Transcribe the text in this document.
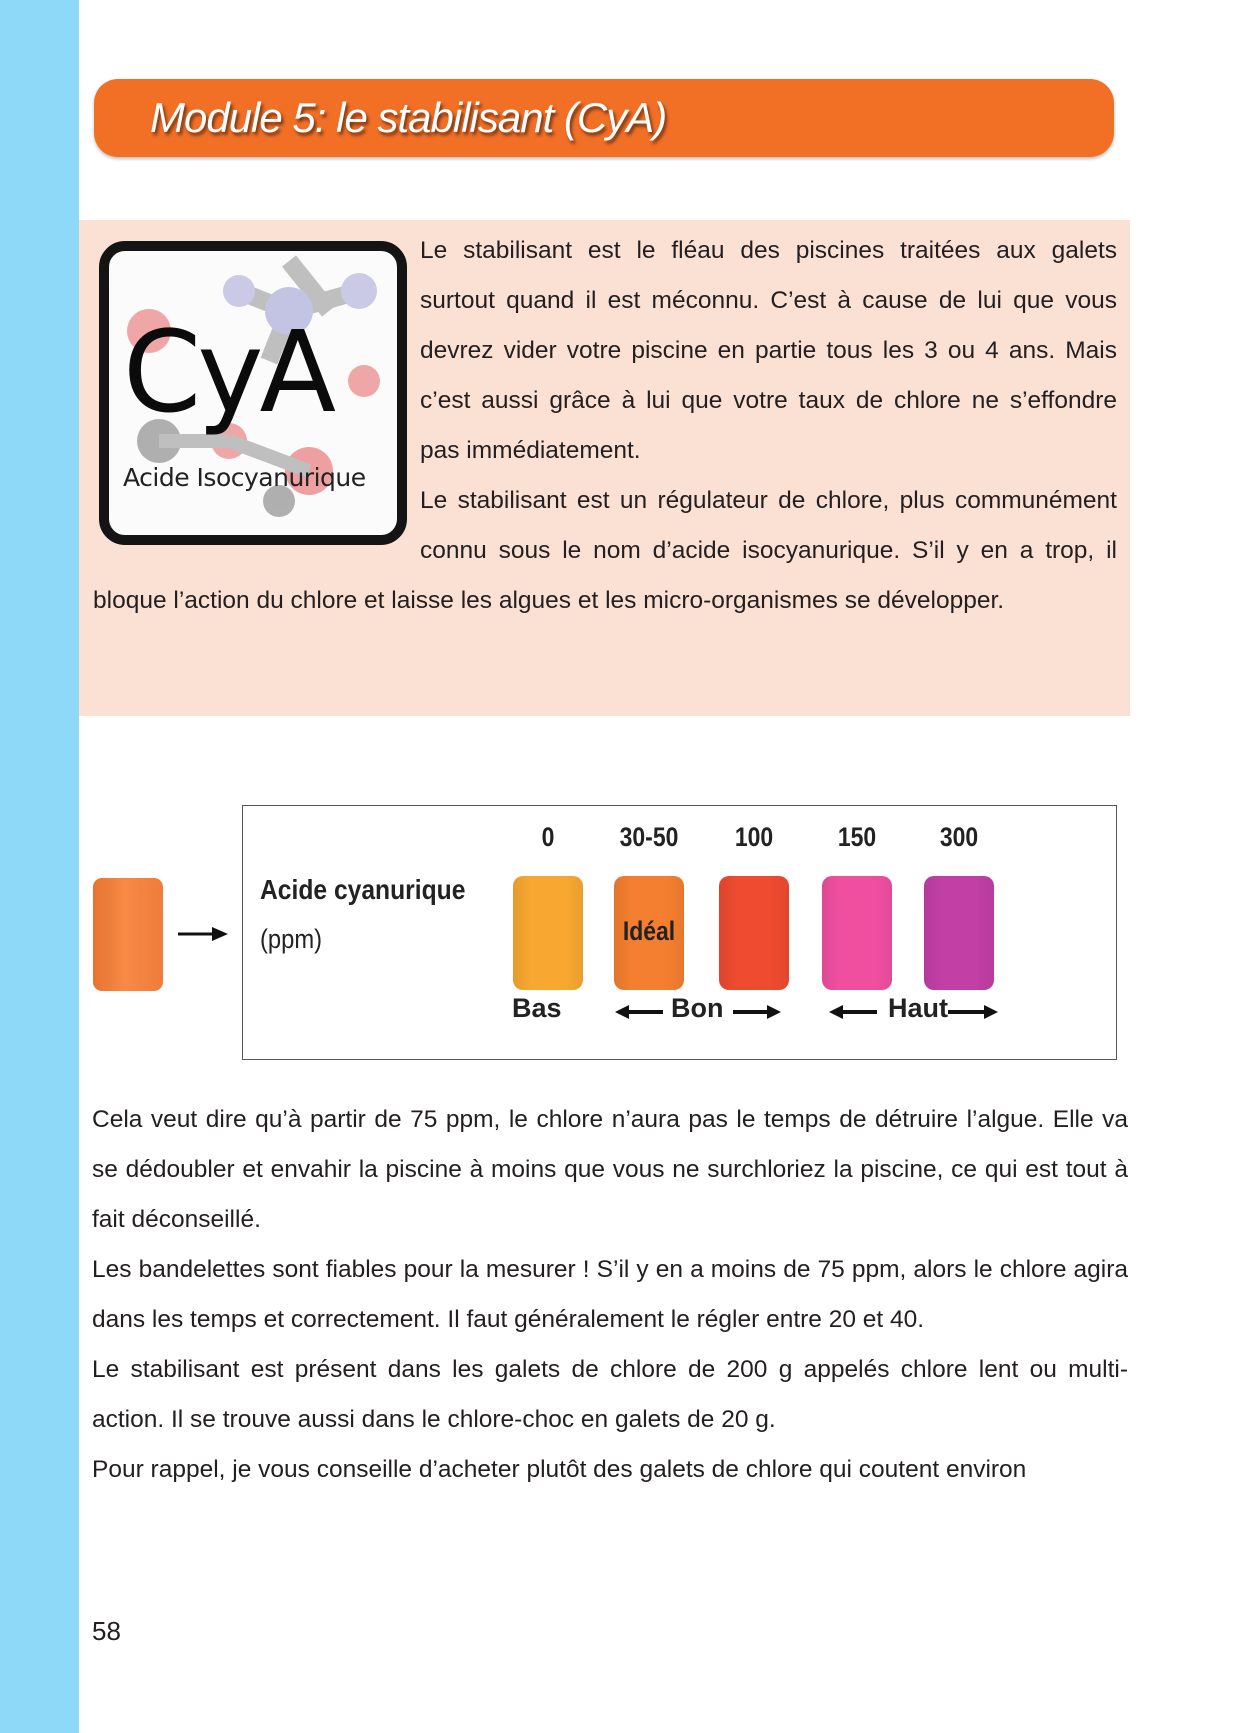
Module 5: le stabilisant (CyA)
CyA
Acide Isocyanurique
Le stabilisant est le fléau des piscines traitées aux galets surtout quand il est méconnu. C’est à cause de lui que vous devrez vider votre piscine en partie tous les 3 ou 4 ans. Mais c’est aussi grâce à lui que votre taux de chlore ne s’effondre pas immédiatement.
Le stabilisant est un régulateur de chlore, plus communément connu sous le nom d’acide isocyanurique. S’il y en a trop, il bloque l’action du chlore et laisse les algues et les micro-organismes se développer.
Acide cyanurique
(ppm)
0	30-50	100	150	300
Idéal
Bas	Bon	Haut

Cela veut dire qu’à partir de 75 ppm, le chlore n’aura pas le temps de détruire l’algue. Elle va se dédoubler et envahir la piscine à moins que vous ne surchloriez la piscine, ce qui est tout à fait déconseillé.

Les bandelettes sont fiables pour la mesurer ! S’il y en a moins de 75 ppm, alors le chlore agira dans les temps et correctement. Il faut généralement le régler entre 20 et 40.

Le stabilisant est présent dans les galets de chlore de 200 g appelés chlore lent ou multi-action. Il se trouve aussi dans le chlore-choc en galets de 20 g.

Pour rappel, je vous conseille d’acheter plutôt des galets de chlore qui coutent environ

58
